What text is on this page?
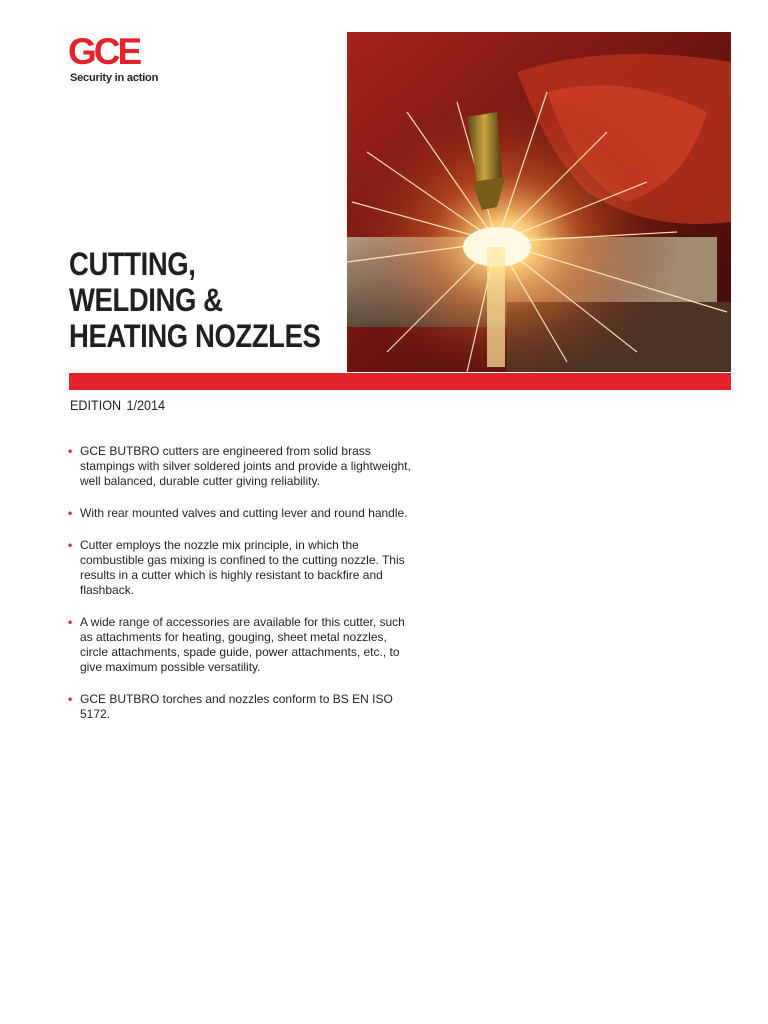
GCE
Security in action
CUTTING,
WELDING &
HEATING NOZZLES
EDITION 1/2014
• GCE BUTBRO cutters are engineered from solid brass stampings with silver soldered joints and provide a lightweight, well balanced, durable cutter giving reliability.
• With rear mounted valves and cutting lever and round handle.
• Cutter employs the nozzle mix principle, in which the combustible gas mixing is confined to the cutting nozzle. This results in a cutter which is highly resistant to backfire and flashback.
• A wide range of accessories are available for this cutter, such as attachments for heating, gouging, sheet metal nozzles, circle attachments, spade guide, power attachments, etc., to give maximum possible versatility.
• GCE BUTBRO torches and nozzles conform to BS EN ISO 5172.
